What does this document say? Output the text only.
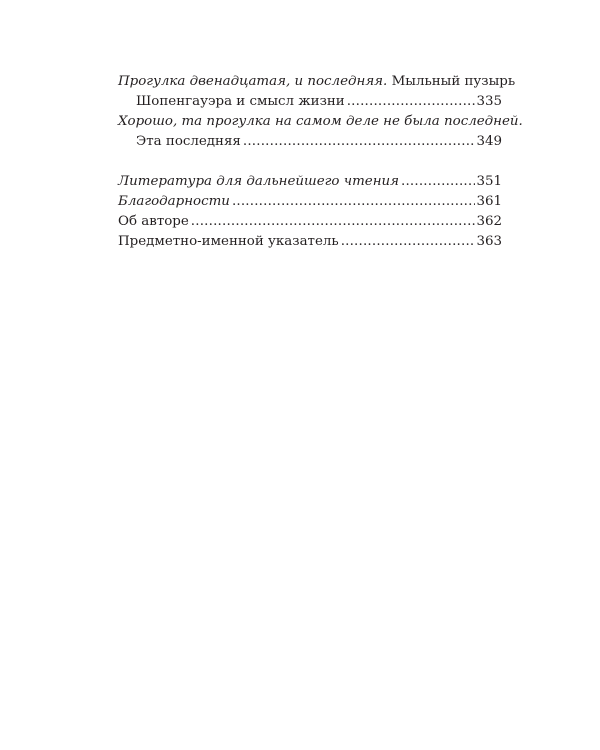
Прогулка двенадцатая, и последняя. Мыльный пузырь
Шопенгауэра и смысл жизни .....	335
Хорошо, та прогулка на самом деле не была последней.
Эта последняя .....	349
Литература для дальнейшего чтения .....	351
Благодарности .....	361
Об авторе .....	362
Предметно-именной указатель .....	363
